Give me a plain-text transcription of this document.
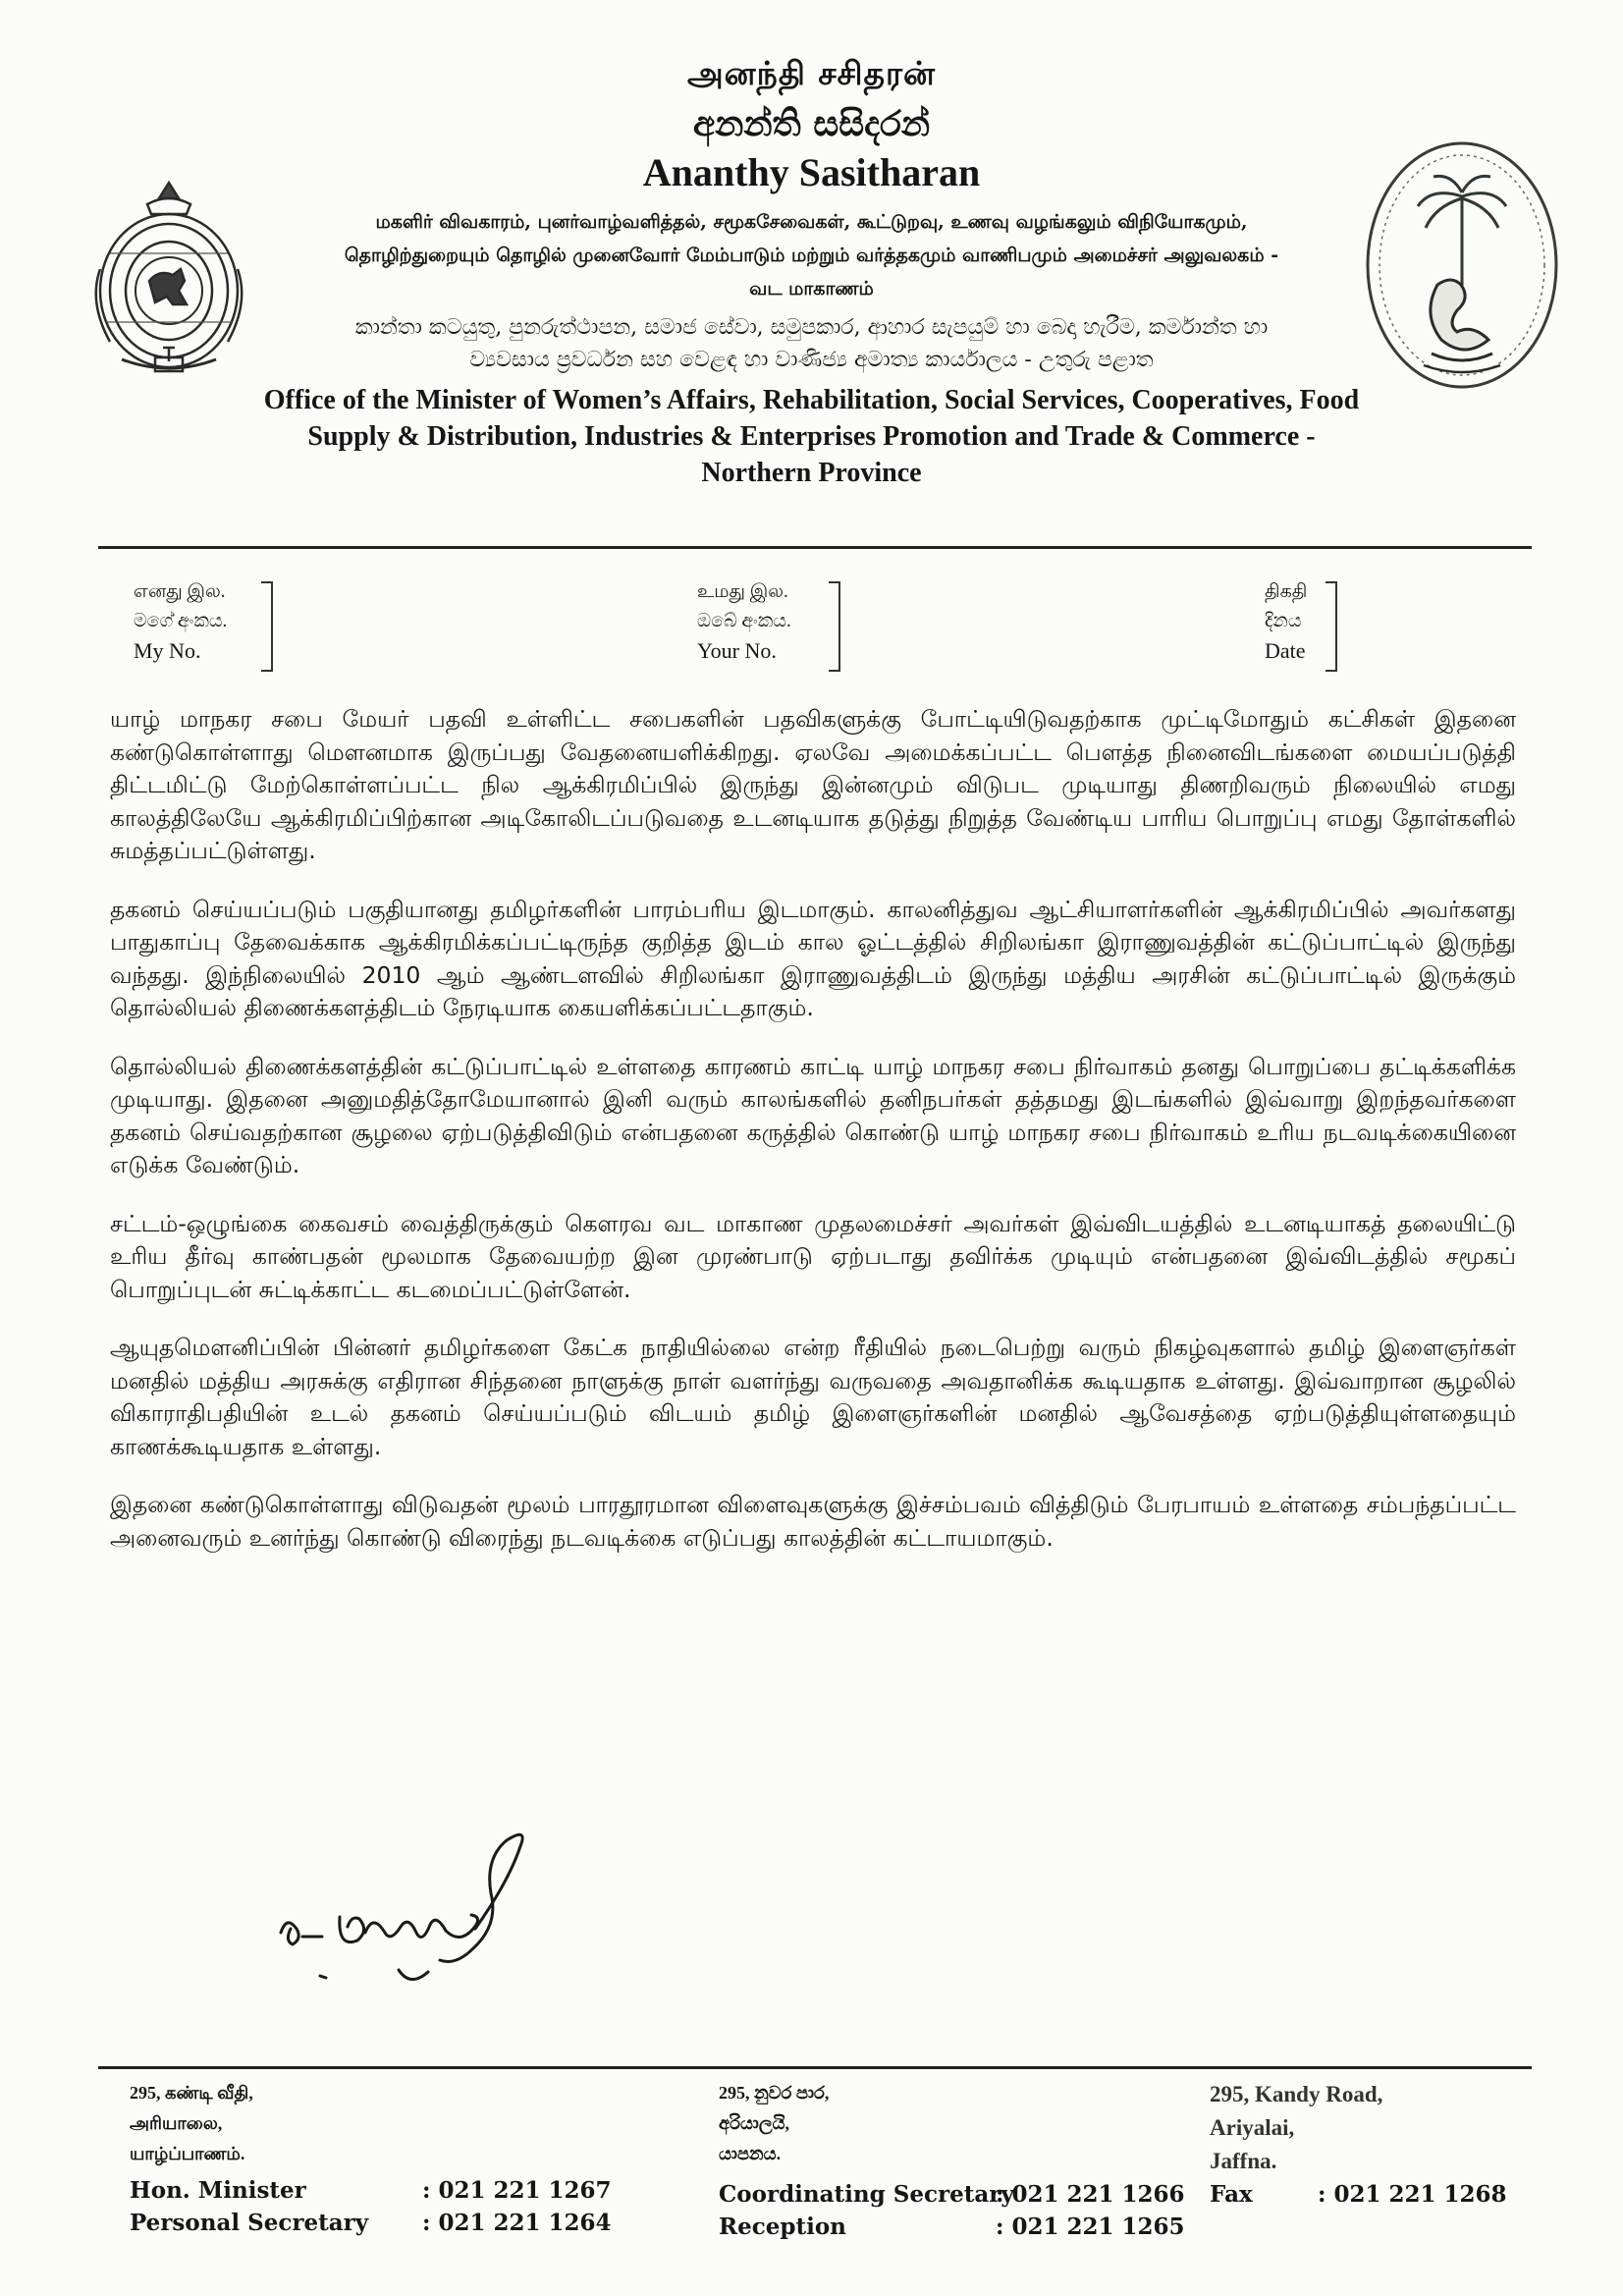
அனந்தி சசிதரன்
අනන්ති සසිදරන්
Ananthy Sasitharan
மகளிர் விவகாரம், புனர்வாழ்வளித்தல், சமூகசேவைகள், கூட்டுறவு, உணவு வழங்கலும் விநியோகமும், தொழிற்துறையும் தொழில் முனைவோர் மேம்பாடும் மற்றும் வர்த்தகமும் வாணிபமும் அமைச்சர் அலுவலகம் - வட மாகாணம்
කාන්තා කටයුතු, පුනරුත්ථාපන, සමාජ සේවා, සමුපකාර, ආහාර සැපයුම් හා බෙදා හැරීම, කර්මාන්ත හා ව්‍යවසාය ප්‍රවර්ධන සහ වෙළඳ හා වාණිජ්‍ය අමාත්‍ය කාර්යාලය - උතුරු පළාත
Office of the Minister of Women’s Affairs, Rehabilitation, Social Services, Cooperatives, Food Supply & Distribution, Industries & Enterprises Promotion and Trade & Commerce - Northern Province
எனது இல.
මගේ අංකය.
My No.
உமது இல.
ඔබේ අංකය.
Your No.
திகதி
දිනය
Date

யாழ் மாநகர சபை மேயர் பதவி உள்ளிட்ட சபைகளின் பதவிகளுக்கு போட்டியிடுவதற்காக முட்டிமோதும் கட்சிகள் இதனை கண்டுகொள்ளாது மௌனமாக இருப்பது வேதனையளிக்கிறது. ஏலவே அமைக்கப்பட்ட பௌத்த நினைவிடங்களை மையப்படுத்தி திட்டமிட்டு மேற்கொள்ளப்பட்ட நில ஆக்கிரமிப்பில் இருந்து இன்னமும் விடுபட முடியாது திணறிவரும் நிலையில் எமது காலத்திலேயே ஆக்கிரமிப்பிற்கான அடிகோலிடப்படுவதை உடனடியாக தடுத்து நிறுத்த வேண்டிய பாரிய பொறுப்பு எமது தோள்களில் சுமத்தப்பட்டுள்ளது.

தகனம் செய்யப்படும் பகுதியானது தமிழர்களின் பாரம்பரிய இடமாகும். காலனித்துவ ஆட்சியாளர்களின் ஆக்கிரமிப்பில் அவர்களது பாதுகாப்பு தேவைக்காக ஆக்கிரமிக்கப்பட்டிருந்த குறித்த இடம் கால ஓட்டத்தில் சிறிலங்கா இராணுவத்தின் கட்டுப்பாட்டில் இருந்து வந்தது. இந்நிலையில் 2010 ஆம் ஆண்டளவில் சிறிலங்கா இராணுவத்திடம் இருந்து மத்திய அரசின் கட்டுப்பாட்டில் இருக்கும் தொல்லியல் திணைக்களத்திடம் நேரடியாக கையளிக்கப்பட்டதாகும்.

தொல்லியல் திணைக்களத்தின் கட்டுப்பாட்டில் உள்ளதை காரணம் காட்டி யாழ் மாநகர சபை நிர்வாகம் தனது பொறுப்பை தட்டிக்களிக்க முடியாது. இதனை அனுமதித்தோமேயானால் இனி வரும் காலங்களில் தனிநபர்கள் தத்தமது இடங்களில் இவ்வாறு இறந்தவர்களை தகனம் செய்வதற்கான சூழலை ஏற்படுத்திவிடும் என்பதனை கருத்தில் கொண்டு யாழ் மாநகர சபை நிர்வாகம் உரிய நடவடிக்கையினை எடுக்க வேண்டும்.

சட்டம்-ஒழுங்கை கைவசம் வைத்திருக்கும் கௌரவ வட மாகாண முதலமைச்சர் அவர்கள் இவ்விடயத்தில் உடனடியாகத் தலையிட்டு உரிய தீர்வு காண்பதன் மூலமாக தேவையற்ற இன முரண்பாடு ஏற்படாது தவிர்க்க முடியும் என்பதனை இவ்விடத்தில் சமூகப் பொறுப்புடன் சுட்டிக்காட்ட கடமைப்பட்டுள்ளேன்.

ஆயுதமௌனிப்பின் பின்னர் தமிழர்களை கேட்க நாதியில்லை என்ற ரீதியில் நடைபெற்று வரும் நிகழ்வுகளால் தமிழ் இளைஞர்கள் மனதில் மத்திய அரசுக்கு எதிரான சிந்தனை நாளுக்கு நாள் வளர்ந்து வருவதை அவதானிக்க கூடியதாக உள்ளது. இவ்வாறான சூழலில் விகாராதிபதியின் உடல் தகனம் செய்யப்படும் விடயம் தமிழ் இளைஞர்களின் மனதில் ஆவேசத்தை ஏற்படுத்தியுள்ளதையும் காணக்கூடியதாக உள்ளது.

இதனை கண்டுகொள்ளாது விடுவதன் மூலம் பாரதூரமான விளைவுகளுக்கு இச்சம்பவம் வித்திடும் பேரபாயம் உள்ளதை சம்பந்தப்பட்ட அனைவரும் உனர்ந்து கொண்டு விரைந்து நடவடிக்கை எடுப்பது காலத்தின் கட்டாயமாகும்.

295, கண்டி வீதி,
அரியாலை,
யாழ்ப்பாணம்.
295, නුවර පාර,
අරියාලයි,
යාපනය.
295, Kandy Road,
Ariyalai,
Jaffna.
Hon. Minister	: 021 221 1267
Personal Secretary : 021 221 1264
Coordinating Secretary: 021 221 1266
Reception	: 021 221 1265
Fax	: 021 221 1268
